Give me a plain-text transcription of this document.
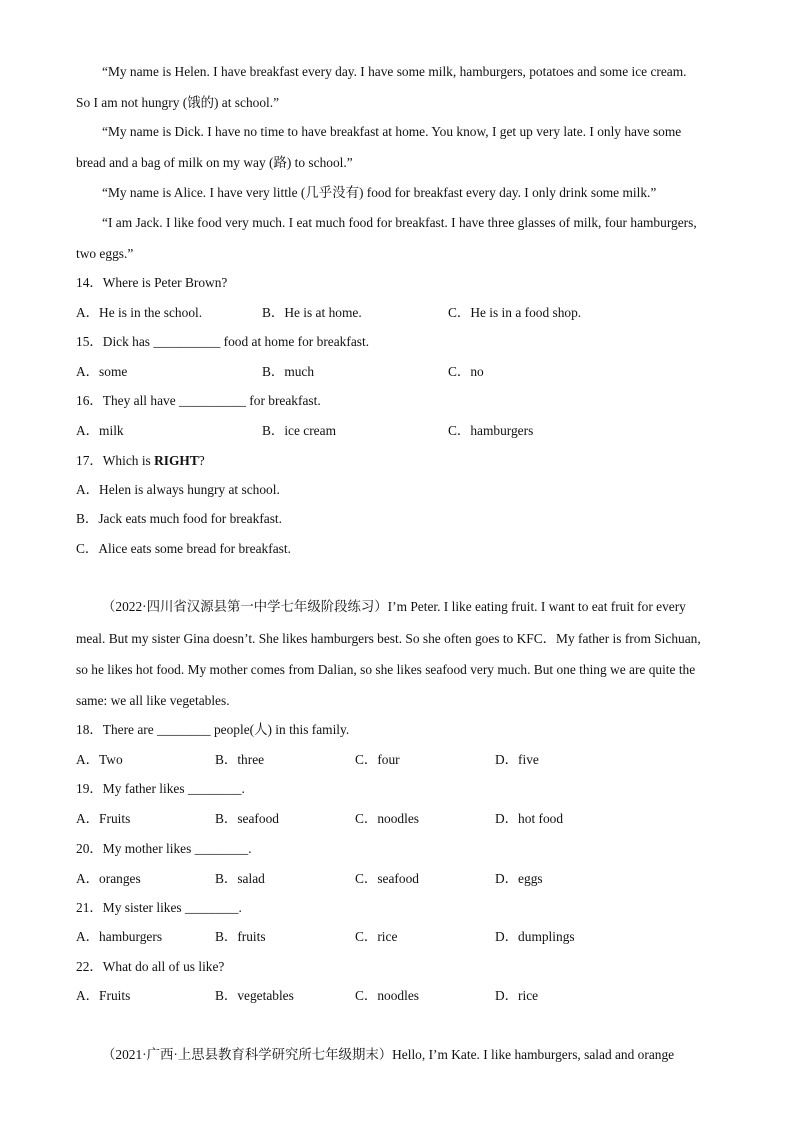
“My name is Helen. I have breakfast every day. I have some milk, hamburgers, potatoes and some ice cream.
So I am not hungry (饿的) at school.”
“My name is Dick. I have no time to have breakfast at home. You know, I get up very late. I only have some
bread and a bag of milk on my way (路) to school.”
“My name is Alice. I have very little (几乎没有) food for breakfast every day. I only drink some milk.”
“I am Jack. I like food very much. I eat much food for breakfast. I have three glasses of milk, four hamburgers,
two eggs.”
14．Where is Peter Brown?
A．He is in the school.	B．He is at home.	C．He is in a food shop.
15．Dick has __________ food at home for breakfast.
A．some	B．much	C．no
16．They all have __________ for breakfast.
A．milk	B．ice cream	C．hamburgers
17．Which is RIGHT?
A．Helen is always hungry at school.
B．Jack eats much food for breakfast.
C．Alice eats some bread for breakfast.
（2022·四川省汉源县第一中学七年级阶段练习）I’m Peter. I like eating fruit. I want to eat fruit for every
meal. But my sister Gina doesn’t. She likes hamburgers best. So she often goes to KFC．My father is from Sichuan,
so he likes hot food. My mother comes from Dalian, so she likes seafood very much. But one thing we are quite the
same: we all like vegetables.
18．There are ________ people(人) in this family.
A．Two	B．three	C．four	D．five
19．My father likes ________.
A．Fruits	B．seafood	C．noodles	D．hot food
20．My mother likes ________.
A．oranges	B．salad	C．seafood	D．eggs
21．My sister likes ________.
A．hamburgers	B．fruits	C．rice	D．dumplings
22．What do all of us like?
A．Fruits	B．vegetables	C．noodles	D．rice
（2021·广西·上思县教育科学研究所七年级期末）Hello, I’m Kate. I like hamburgers, salad and orange
